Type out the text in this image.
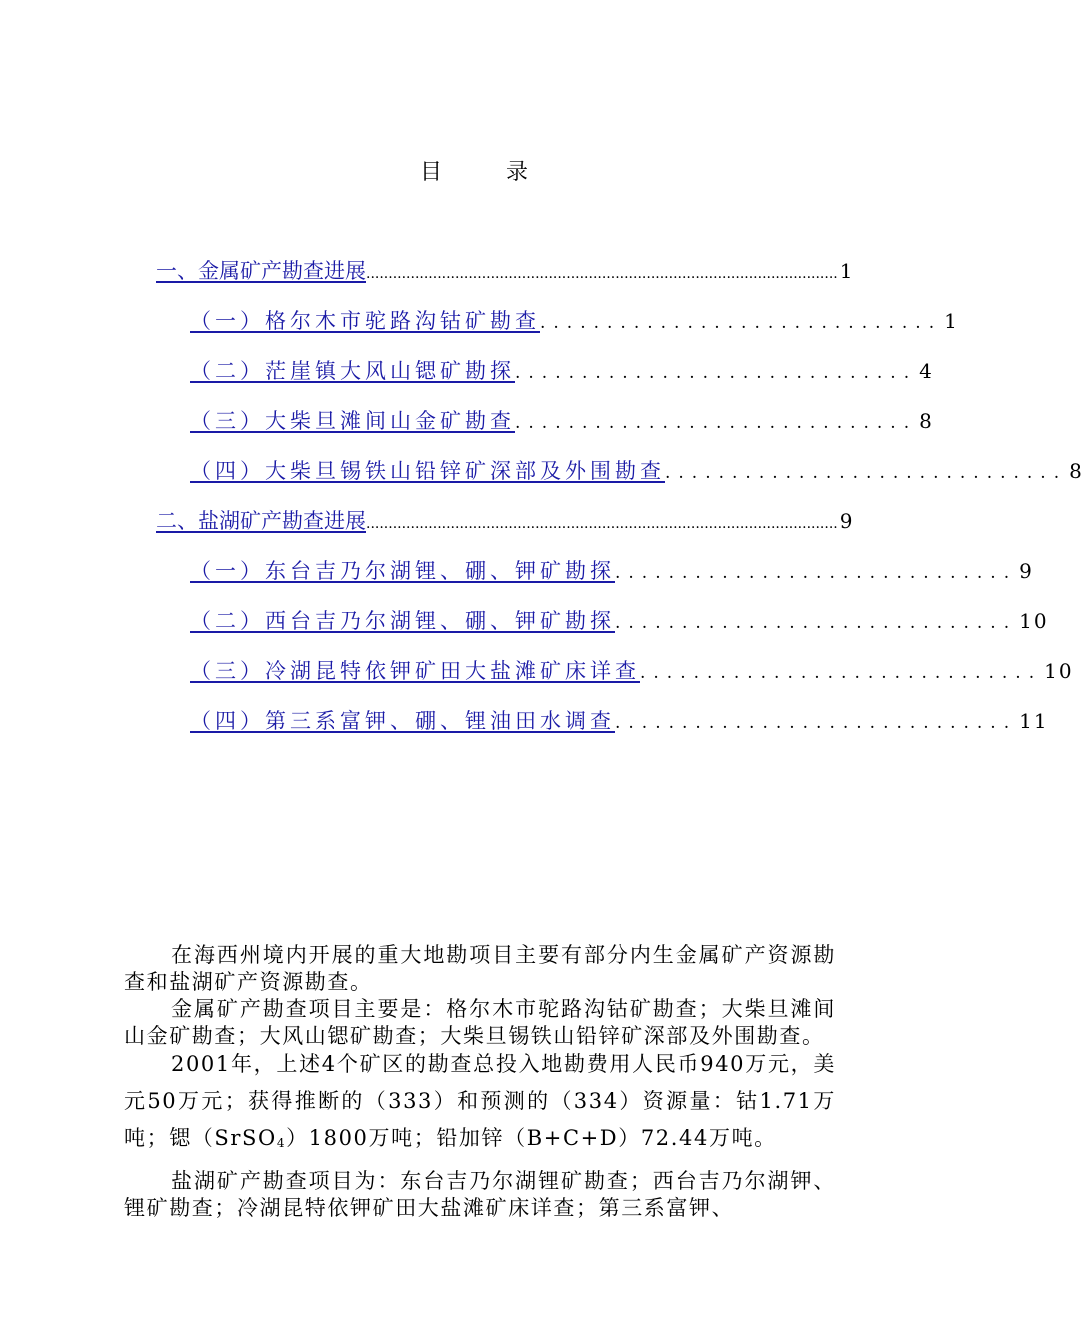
目	录
一、金属矿产勘查进展 .......................................................................................................... 1
（一）格尔木市驼路沟钴矿勘查 .............................. 1
（二）茫崖镇大风山锶矿勘探 .............................. 4
（三）大柴旦滩间山金矿勘查 .............................. 8
（四）大柴旦锡铁山铅锌矿深部及外围勘查 .............................. 8
二、盐湖矿产勘查进展 .......................................................................................................... 9
（一）东台吉乃尔湖锂、硼、钾矿勘探 .............................. 9
（二）西台吉乃尔湖锂、硼、钾矿勘探 .............................. 10
（三）冷湖昆特依钾矿田大盐滩矿床详查 .............................. 10
（四）第三系富钾、硼、锂油田水调查 .............................. 11

在海西州境内开展的重大地勘项目主要有部分内生金属矿产资源勘查和盐湖矿产资源勘查。

金属矿产勘查项目主要是：格尔木市驼路沟钴矿勘查；大柴旦滩间山金矿勘查；大风山锶矿勘查；大柴旦锡铁山铅锌矿深部及外围勘查。

2001年，上述4个矿区的勘查总投入地勘费用人民币940万元，美元50万元；获得推断的（333）和预测的（334）资源量：钴1.71万吨；锶（SrSO$_4$）1800万吨；铅加锌（B+C+D）72.44万吨。

盐湖矿产勘查项目为：东台吉乃尔湖锂矿勘查；西台吉乃尔湖钾、锂矿勘查；冷湖昆特依钾矿田大盐滩矿床详查；第三系富钾、
